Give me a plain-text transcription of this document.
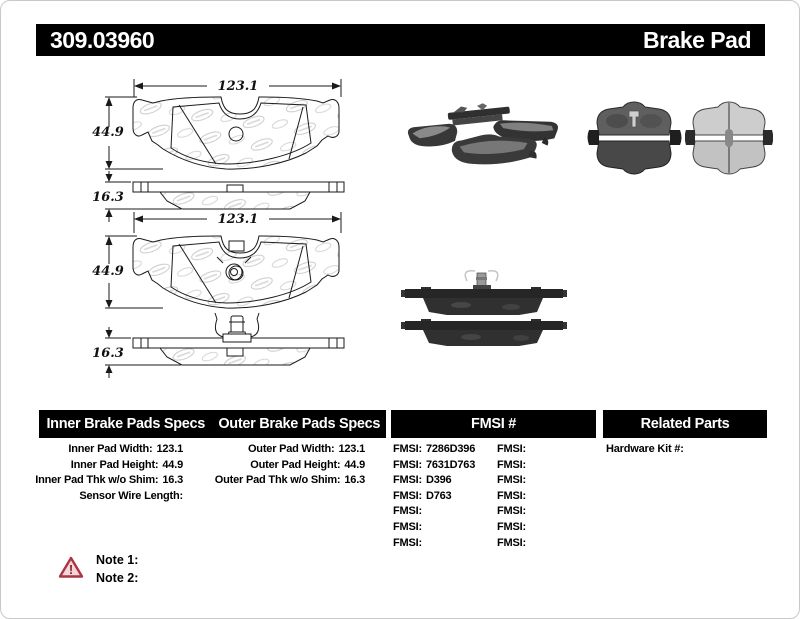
309.03960	Brake Pad
123.1
44.9
16.3
123.1
44.9
16.3
Inner Brake Pads Specs Outer Brake Pads Specs	FMSI #	Related Parts
Inner Pad Width: 123.1
Inner Pad Height: 44.9
Inner Pad Thk w/o Shim: 16.3
Sensor Wire Length:
Outer Pad Width: 123.1
Outer Pad Height: 44.9
Outer Pad Thk w/o Shim: 16.3
FMSI: 7286D396
FMSI: 7631D763
FMSI: D396
FMSI: D763
FMSI:
FMSI:
FMSI:
FMSI:
FMSI:
FMSI:
FMSI:
FMSI:
FMSI:
FMSI:
Hardware Kit #:
!
Note 1:
Note 2:
